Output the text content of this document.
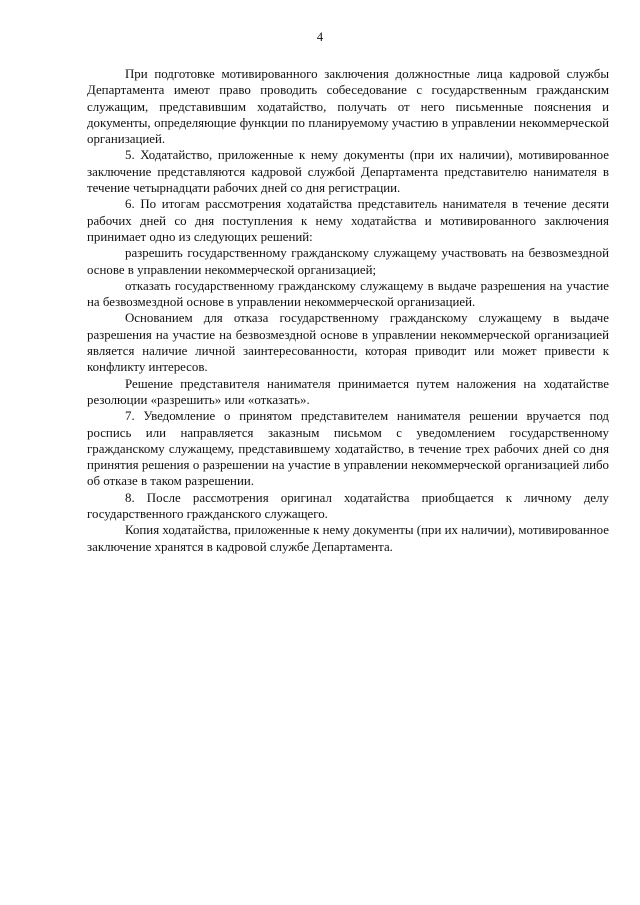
4

При подготовке мотивированного заключения должностные лица кадровой службы Департамента имеют право проводить собеседование с государственным гражданским служащим, представившим ходатайство, получать от него письменные пояснения и документы, определяющие функции по планируемому участию в управлении некоммерческой организацией.

5. Ходатайство, приложенные к нему документы (при их наличии), мотивированное заключение представляются кадровой службой Департамента представителю нанимателя в течение четырнадцати рабочих дней со дня регистрации.

6. По итогам рассмотрения ходатайства представитель нанимателя в течение десяти рабочих дней со дня поступления к нему ходатайства и мотивированного заключения принимает одно из следующих решений:

разрешить государственному гражданскому служащему участвовать на безвозмездной основе в управлении некоммерческой организацией;

отказать государственному гражданскому служащему в выдаче разрешения на участие на безвозмездной основе в управлении некоммерческой организацией.

Основанием для отказа государственному гражданскому служащему в выдаче разрешения на участие на безвозмездной основе в управлении некоммерческой организацией является наличие личной заинтересованности, которая приводит или может привести к конфликту интересов.

Решение представителя нанимателя принимается путем наложения на ходатайстве резолюции «разрешить» или «отказать».

7. Уведомление о принятом представителем нанимателя решении вручается под роспись или направляется заказным письмом с уведомлением государственному гражданскому служащему, представившему ходатайство, в течение трех рабочих дней со дня принятия решения о разрешении на участие в управлении некоммерческой организацией либо об отказе в таком разрешении.

8. После рассмотрения оригинал ходатайства приобщается к личному делу государственного гражданского служащего.

Копия ходатайства, приложенные к нему документы (при их наличии), мотивированное заключение хранятся в кадровой службе Департамента.
